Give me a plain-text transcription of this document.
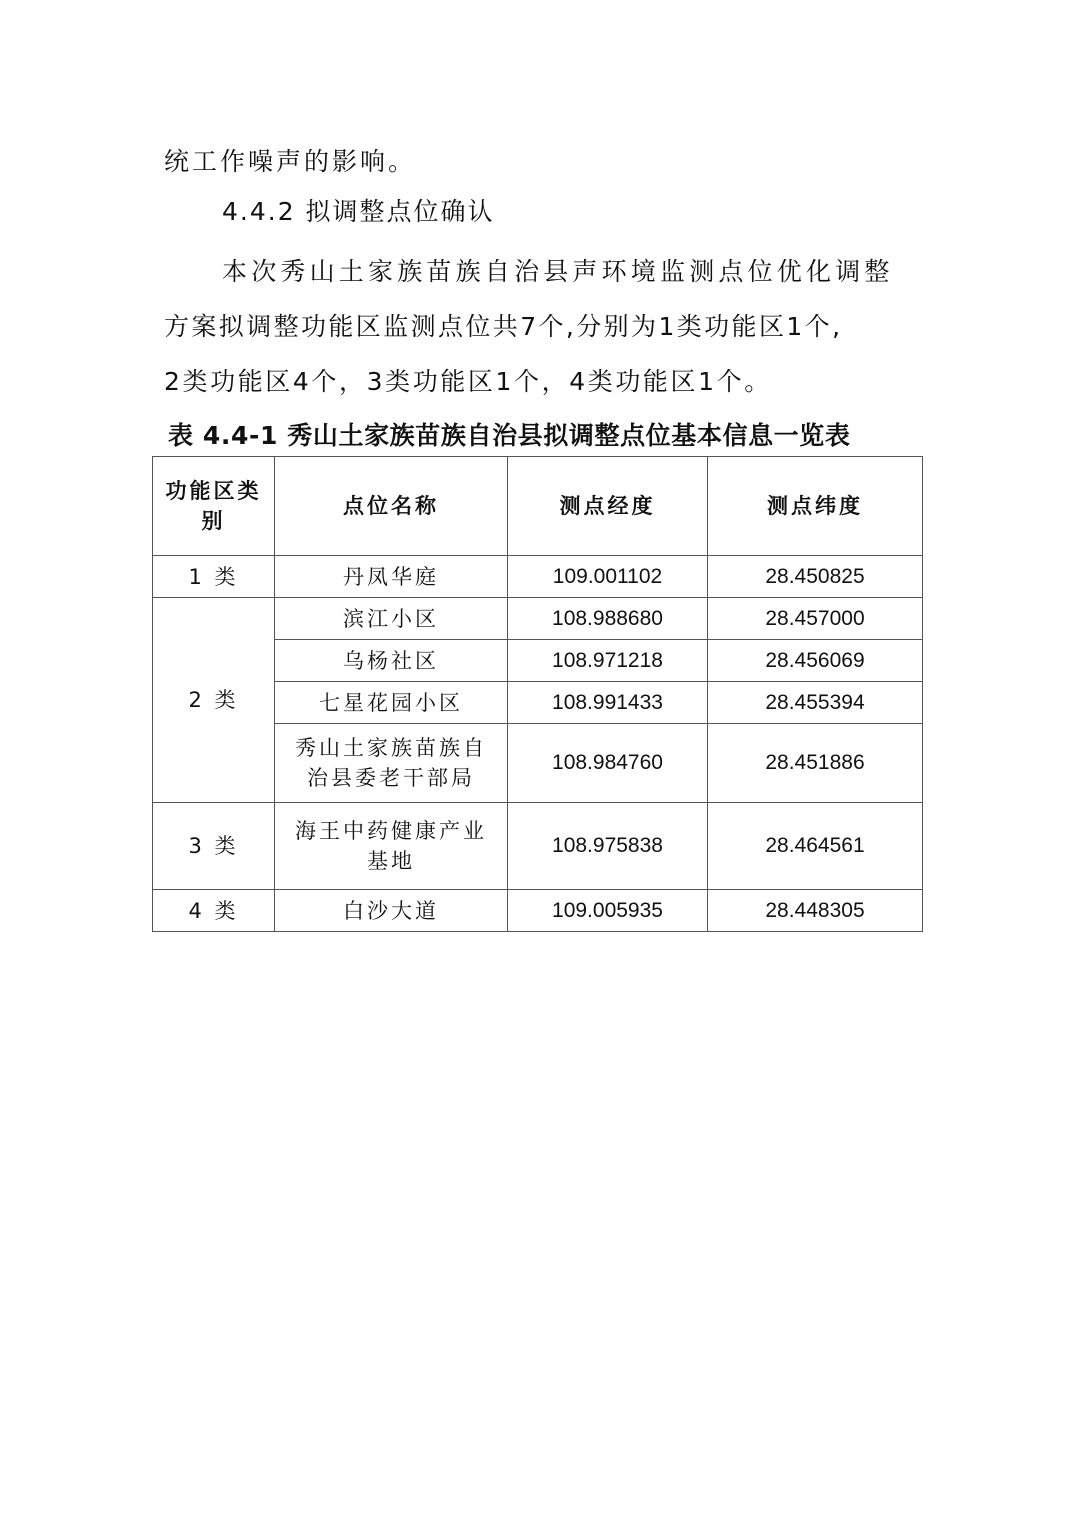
统工作噪声的影响。
4.4.2 拟调整点位确认
本次秀山土家族苗族自治县声环境监测点位优化调整
方案拟调整功能区监测点位共7个,分别为1类功能区1个,
2类功能区4个，3类功能区1个，4类功能区1个。
表 4.4-1 秀山土家族苗族自治县拟调整点位基本信息一览表
功能区类别	点位名称	测点经度	测点纬度
1 类	丹凤华庭	109.001102	28.450825
2 类	滨江小区	108.988680	28.457000
	乌杨社区	108.971218	28.456069
	七星花园小区	108.991433	28.455394

	秀山土家族苗族自治县委老干部局	108.984760	28.451886
3 类	海王中药健康产业基地	108.975838	28.464561
4 类	白沙大道	109.005935	28.448305
